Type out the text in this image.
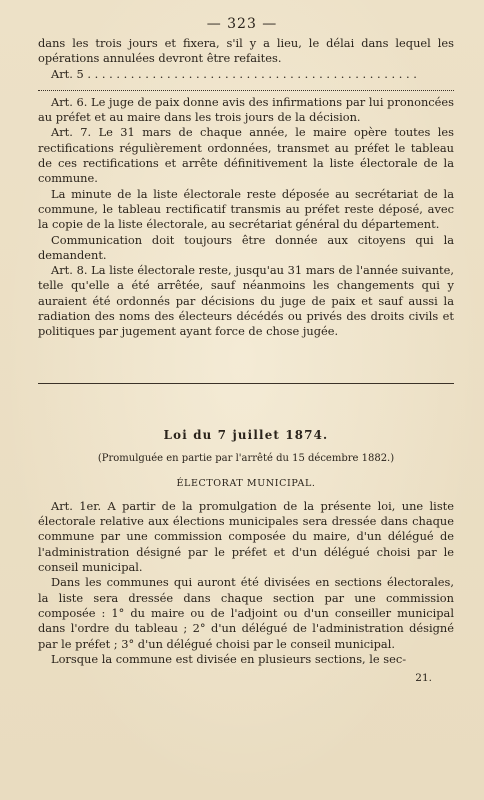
— 323 —

dans les trois jours et fixera, s'il y a lieu, le délai dans lequel les opérations annulées devront être refaites.

Art. 5 . . . . . . . . . . . . . . . . . . . . . . . . . . . . . . . . . . . . . . . . . . . . . .

Art. 6. Le juge de paix donne avis des infirmations par lui prononcées au préfet et au maire dans les trois jours de la décision.

Art. 7. Le 31 mars de chaque année, le maire opère toutes les rectifications régulièrement ordonnées, transmet au préfet le tableau de ces rectifications et arrête définitivement la liste électorale de la commune.

La minute de la liste électorale reste déposée au secrétariat de la commune, le tableau rectificatif transmis au préfet reste déposé, avec la copie de la liste électorale, au secrétariat général du département.

Communication doit toujours être donnée aux citoyens qui la demandent.

Art. 8. La liste électorale reste, jusqu'au 31 mars de l'année suivante, telle qu'elle a été arrêtée, sauf néanmoins les changements qui y auraient été ordonnés par décisions du juge de paix et sauf aussi la radiation des noms des électeurs décédés ou privés des droits civils et politiques par jugement ayant force de chose jugée.

Loi du 7 juillet 1874.

(Promulguée en partie par l'arrêté du 15 décembre 1882.)

ÉLECTORAT MUNICIPAL.

Art. 1er. A partir de la promulgation de la présente loi, une liste électorale relative aux élections municipales sera dressée dans chaque commune par une commission composée du maire, d'un délégué de l'administration désigné par le préfet et d'un délégué choisi par le conseil municipal.

Dans les communes qui auront été divisées en sections électorales, la liste sera dressée dans chaque section par une commission composée : 1° du maire ou de l'adjoint ou d'un conseiller municipal dans l'ordre du tableau ; 2° d'un délégué de l'administration désigné par le préfet ; 3° d'un délégué choisi par le conseil municipal.

Lorsque la commune est divisée en plusieurs sections, le sec-

21.
